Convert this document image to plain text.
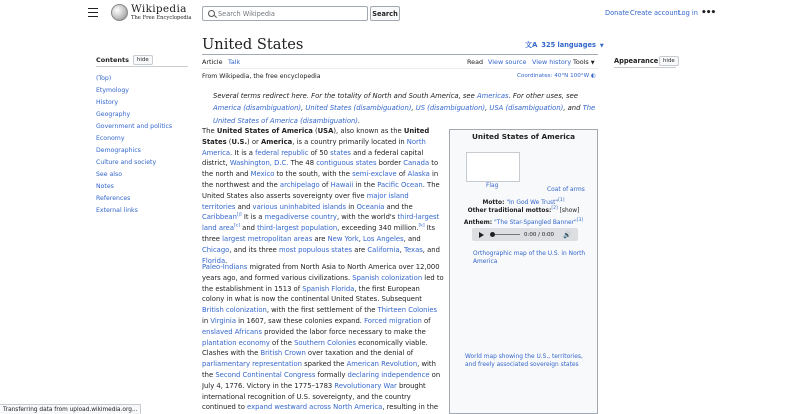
Wikipedia
The Free Encyclopedia
Search Wikipedia
Search	Donate Create account
Log in •••
Contents	hide
(Top)
Etymology
History
Geography
Government and politics
Economy
Demographics
Culture and society
See also
Notes
References
External links
United States	文A 325 languages ▼
Article Talk	Read View source View history Tools ▼	Appearance hide
From Wikipedia, the free encyclopedia	Coordinates: 40°N 100°W ◐
Several terms redirect here. For the totality of North and South America, see Americas. For other uses, see America (disambiguation), United States (disambiguation), US (disambiguation), USA (disambiguation), and The United States of America (disambiguation).
The United States of America (USA), also known as the United States (U.S.) or America, is a country primarily located in North America. It is a federal republic of 50 states and a federal capital district, Washington, D.C. The 48 contiguous states border Canada to the north and Mexico to the south, with the semi-exclave of Alaska in the northwest and the archipelago of Hawaii in the Pacific Ocean. The United States also asserts sovereignty over five major island territories and various uninhabited islands in Oceania and the Caribbean[j] It is a megadiverse country, with the world's third-largest land area[c] and third-largest population, exceeding 340 million.[k] Its three largest metropolitan areas are New York, Los Angeles, and Chicago, and its three most populous states are California, Texas, and Florida.
Paleo-Indians migrated from North Asia to North America over 12,000 years ago, and formed various civilizations. Spanish colonization led to the establishment in 1513 of Spanish Florida, the first European colony in what is now the continental United States. Subsequent British colonization, with the first settlement of the Thirteen Colonies in Virginia in 1607, saw these colonies expand. Forced migration of enslaved Africans provided the labor force necessary to make the plantation economy of the Southern Colonies economically viable. Clashes with the British Crown over taxation and the denial of parliamentary representation sparked the American Revolution, with the Second Continental Congress formally declaring independence on July 4, 1776. Victory in the 1775–1783 Revolutionary War brought international recognition of U.S. sovereignty, and the country continued to expand westward across North America, resulting in the
United States of America
Flag
Coat of arms
Motto: "In God We Trust"[1]
Other traditional mottos:[2] [show]
Anthem: "The Star-Spangled Banner"[3]
0:00 / 0:00 🔊
Orthographic map of the U.S. in North America
World map showing the U.S., territories, and freely associated sovereign states
Transferring data from upload.wikimedia.org...
